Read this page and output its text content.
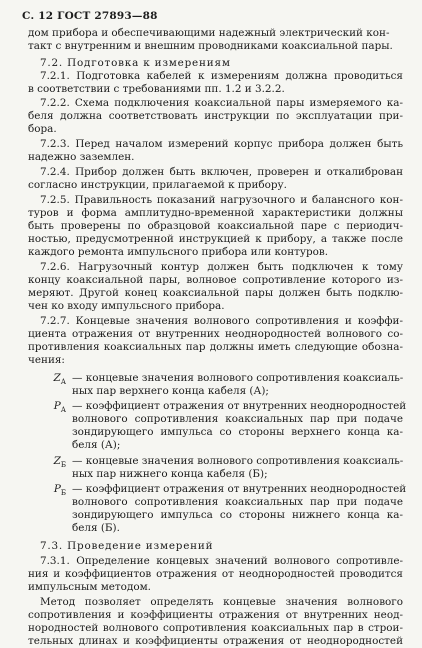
С. 12 ГОСТ 27893—88
дом прибора и обеспечивающими надежный электрический кон-
такт с внутренним и внешним проводниками коаксиальной пары.
7.2. Подготовка к измерениям
7.2.1. Подготовка кабелей к измерениям должна проводиться
в соответствии с требованиями пп. 1.2 и 3.2.2.
7.2.2. Схема подключения коаксиальной пары измеряемого ка-
беля должна соответствовать инструкции по эксплуатации при-
бора.
7.2.3. Перед началом измерений корпус прибора должен быть
надежно заземлен.
7.2.4. Прибор должен быть включен, проверен и откалиброван
согласно инструкции, прилагаемой к прибору.
7.2.5. Правильность показаний нагрузочного и балансного кон-
туров и форма амплитудно-временной характеристики должны
быть проверены по образцовой коаксиальной паре с периодич-
ностью, предусмотренной инструкцией к прибору, а также после
каждого ремонта импульсного прибора или контуров.
7.2.6. Нагрузочный контур должен быть подключен к тому
концу коаксиальной пары, волновое сопротивление которого из-
меряют. Другой конец коаксиальной пары должен быть подклю-
чен ко входу импульсного прибора.
7.2.7. Концевые значения волнового сопротивления и коэффи-
циента отражения от внутренних неоднородностей волнового со-
противления коаксиальных пар должны иметь следующие обозна-
чения:
$Z_А$ — концевые значения волнового сопротивления коаксиаль-
ных пар верхнего конца кабеля (А);
$P_А$ — коэффициент отражения от внутренних неоднородностей
волнового сопротивления коаксиальных пар при подаче
зондирующего импульса со стороны верхнего конца ка-
беля (А);
$Z_Б$ — концевые значения волнового сопротивления коаксиаль-
ных пар нижнего конца кабеля (Б);
$P_Б$ — коэффициент отражения от внутренних неоднородностей
волнового сопротивления коаксиальных пар при подаче
зондирующего импульса со стороны нижнего конца ка-
беля (Б).
7.3. Проведение измерений
7.3.1. Определение концевых значений волнового сопротивле-
ния и коэффициентов отражения от неоднородностей проводится
импульсным методом.
Метод позволяет определять концевые значения волнового
сопротивления и коэффициенты отражения от внутренних неод-
нородностей волнового сопротивления коаксиальных пар в строи-
тельных длинах и коэффициенты отражения от неоднородностей
